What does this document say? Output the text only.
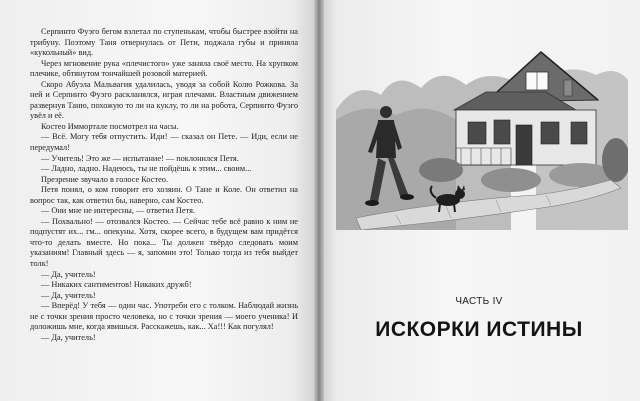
Серпинто Фуэго бегом взлетал по ступенькам, чтобы быстрее взойти на трибуну. Поэтому Таня отвернулась от Пети, поджала губы и приняла «кукольный» вид.

Через мгновение рука «плечистого» уже заняла своё место. На хрупком плечике, обтянутом тончайшей розовой материей.

Скоро Абуэла Мальвагия удалилась, уводя за собой Колю Рожкова. За ней и Серпинто Фуэго раскланялся, играя плечами. Властным движением развернув Таню, похожую то ли на куклу, то ли на робота, Серпинто Фуэго увёл и её.

Костео Иммортале посмотрел на часы.

— Всё. Могу тебя отпустить. Иди! — сказал он Пете. — Иди, если не передумал!

— Учитель! Это же — испытание! — поклонился Петя.

— Ладно, ладно. Надеюсь, ты не пойдёшь к этим... своим...

Презрение звучало в голосе Костео.

Петя понял, о ком говорит его хозяин. О Тане и Коле. Он ответил на вопрос так, как ответил бы, наверно, сам Костео.

— Они мне не интересны, — ответил Петя.

— Похвально! — отозвался Костео. — Сейчас тебе всё равно к ним не подпустят их... гм... опекуны. Хотя, скорее всего, в будущем вам придётся что-то делать вместе. Но пока... Ты должен твёрдо следовать моим указаниям! Главный здесь — я, запомни это! Только тогда из тебя выйдет толк!

— Да, учитель!

— Никаких сантиментов! Никаких дружб!

— Да, учитель!

— Вперёд! У тебя — один час. Употреби его с толком. Наблюдай жизнь не с точки зрения просто человека, но с точки зрения — моего ученика! И доложишь мне, когда явишься. Расскажешь, как... Ха!!! Как погулял!

— Да, учитель!

ЧАСТЬ IV
ИСКОРКИ ИСТИНЫ
